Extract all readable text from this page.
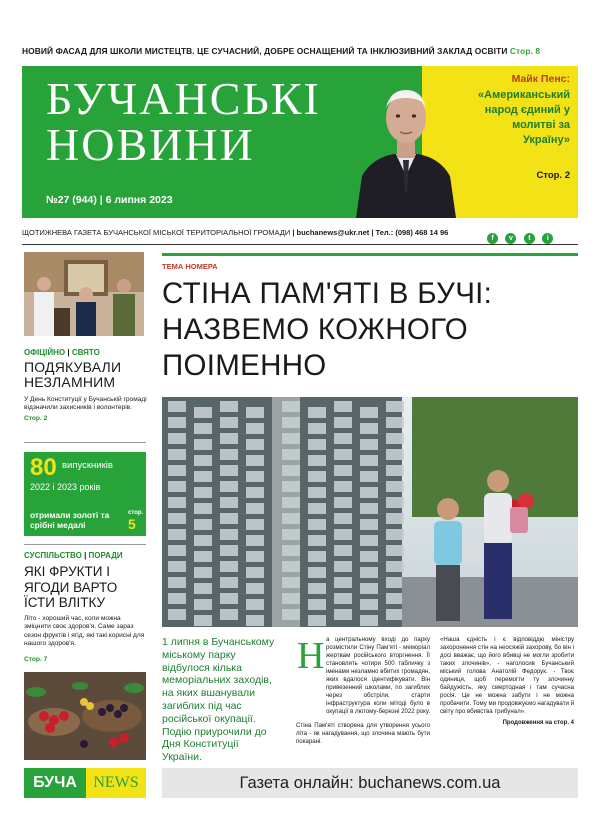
НОВИЙ ФАСАД ДЛЯ ШКОЛИ МИСТЕЦТВ. ЦЕ СУЧАСНИЙ, ДОБРЕ ОСНАЩЕНИЙ ТА ІНКЛЮЗИВНИЙ ЗАКЛАД ОСВІТИ Стор. 8
БУЧАНСЬКІ
НОВИНИ
№27 (944) | 6 липня 2023
Майк Пенс:
«Американський народ єдиний у молитві за Україну»
Стор. 2
ЩОТИЖНЕВА ГАЗЕТА БУЧАНСЬКОЇ МІСЬКОЇ ТЕРИТОРІАЛЬНОЇ ГРОМАДИ | buchanews@ukr.net | Тел.: (098) 468 14 96
f v t i
ОФІЦІЙНО | СВЯТО
ПОДЯКУВАЛИ НЕЗЛАМНИМ
У День Конституції у Бучанській громаді відзначили захисників і волонтерів.
Стор. 2
80 випускників
2022 і 2023 років
отримали золоті та срібні медалі
стор.
5
СУСПІЛЬСТВО | ПОРАДИ
ЯКІ ФРУКТИ І ЯГОДИ ВАРТО ЇСТИ ВЛІТКУ
Літо - хороший час, коли можна зміцнити своє здоров'я. Саме зараз сезон фруктів і ягід, які такі корисні для нашого здоров'я.
Стор. 7
ТЕМА НОМЕРА
СТІНА ПАМ'ЯТІ В БУЧІ: НАЗВЕМО КОЖНОГО ПОІМЕННО
1 липня в Бучанському міському парку відбулося кілька меморіальних заходів, на яких вшанували загиблих під час російської окупації. Подію приурочили до Дня Конституції України.

а центральному вході до парку розмістили Стіну Пам'яті - меморіал жертвам російського вторгнення. Її становлять чотири 500 табличку з іменами незламно вбитих громадян, яких вдалося ідентифікувати. Він привезенний школами, по загиблих через обстріли, старти інфраструктура коли мітоді було в окупації в лютому-березні 2022 року.

Стіна Пам'яті створена для утворення усього літа - як нагадування, що злочина мають бути покарані.

Н	«Наша єдність і є відповіддю міністру захоронення стін на неосяжій захорову, бо він і досі вважає, що його вбивці не могли зробити таких злочинів», - наголосив Бучанський міський голова Анатолій Федорук. - Твоє одиниця, щоб перемогти ту злочинну байдужість, яку смертодная і там сучасна росія. Це не можна забути і не можна пробачити. Тому ми продовжуємо нагадувати й світу про вбивства трибунал».

Продовження на стор. 4
БУЧА	NEWS	Газета онлайн: buchanews.com.ua
